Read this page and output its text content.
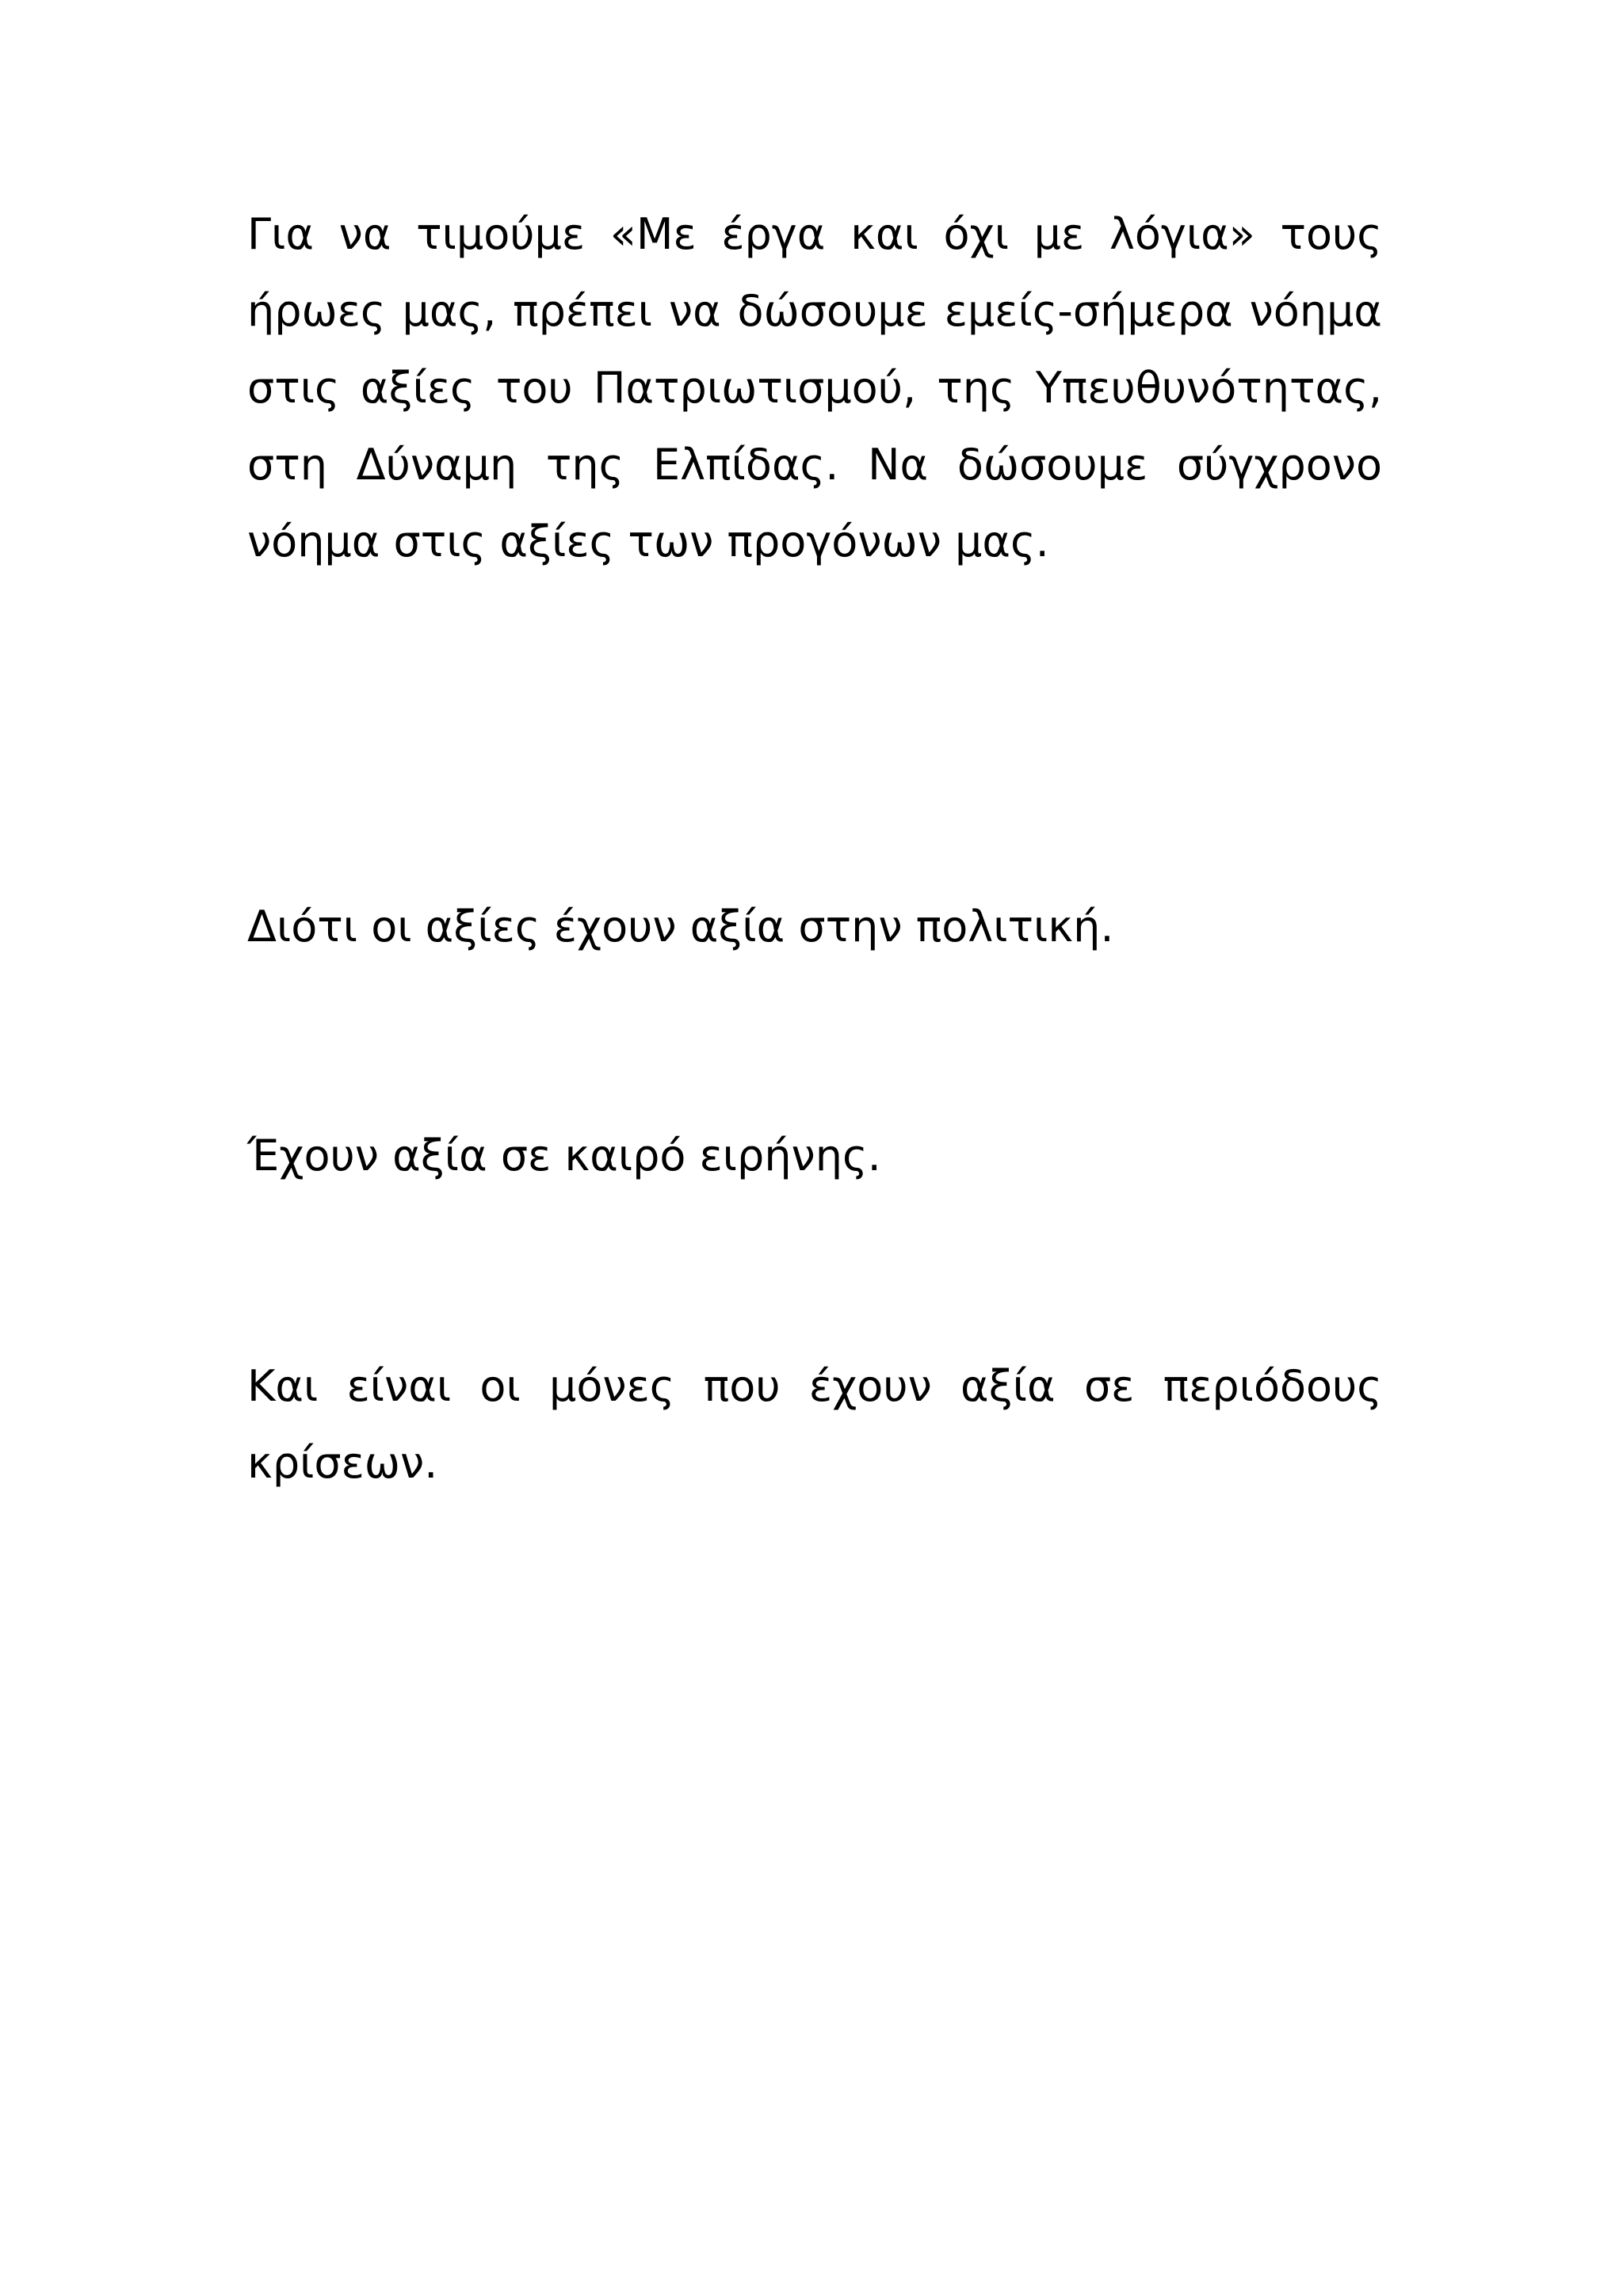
Για να τιμούμε «Με έργα και όχι με λόγια» τους ήρωες μας, πρέπει να δώσουμε εμείς-σήμερα νόημα στις αξίες του Πατριωτισμού, της Υπευθυνότητας, στη Δύναμη της Ελπίδας. Να δώσουμε σύγχρονο νόημα στις αξίες των προγόνων μας.

Διότι οι αξίες έχουν αξία στην πολιτική.

Έχουν αξία σε καιρό ειρήνης.

Και είναι οι μόνες που έχουν αξία σε περιόδους κρίσεων.
